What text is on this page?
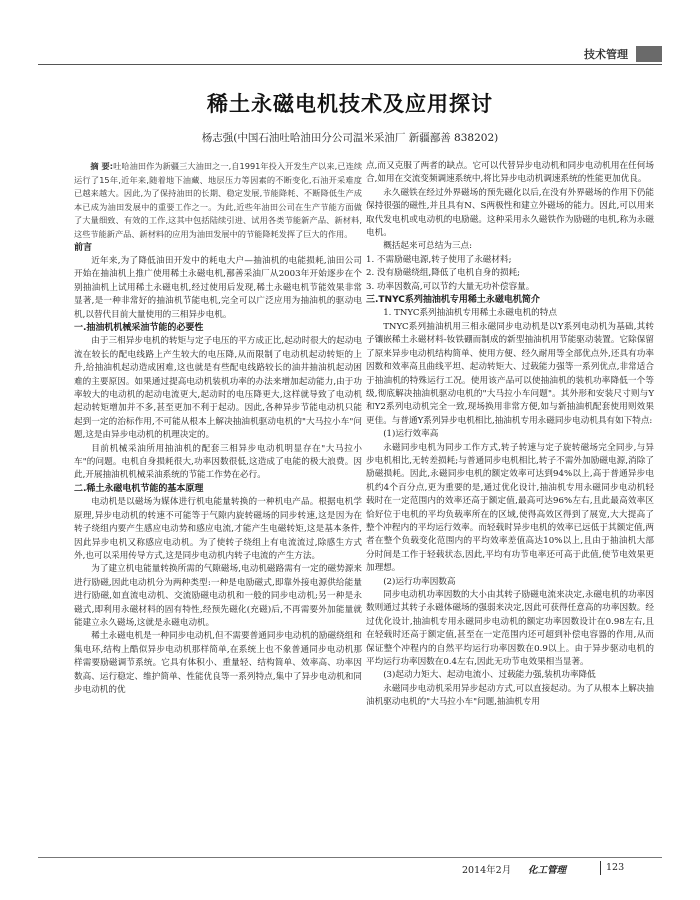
技术管理
稀土永磁电机技术及应用探讨
杨志强(中国石油吐哈油田分公司温米采油厂 新疆鄯善 838202)

摘 要:吐哈油田作为新疆三大油田之一,自1991年投入开发生产以来,已连续运行了15年,近年来,随着地下油藏、地层压力等因素的不断变化,石油开采难度已越来越大。因此,为了保持油田的长期、稳定发展,节能降耗、不断降低生产成本已成为油田发展中的重要工作之一。为此,近些年油田公司在生产节能方面做了大量细致、有效的工作,这其中包括陆续引进、试用各类节能新产品、新材料,这些节能新产品、新材料的应用为油田发展中的节能降耗发挥了巨大的作用。

前言

近年来,为了降低油田开发中的耗电大户—抽油机的电能损耗,油田公司开始在抽油机上推广使用稀土永磁电机,鄯善采油厂从2003年开始逐步在个别抽油机上试用稀土永磁电机,经过使用后发现,稀土永磁电机节能效果非常显著,是一种非常好的抽油机节能电机,完全可以广泛应用为抽油机的驱动电机,以替代目前大量使用的三相异步电机。

一.抽油机机械采油节能的必要性

由于三相异步电机的转矩与定子电压的平方成正比,起动时很大的起动电流在较长的配电线路上产生较大的电压降,从而限制了电动机起动转矩的上升,给抽油机起动造成困难,这也就是有些配电线路较长的油井抽油机起动困难的主要原因。如果通过提高电动机装机功率的办法来增加起动能力,由于功率较大的电动机的起动电流更大,起动时的电压降更大,这样就导致了电动机起动转矩增加并不多,甚至更加不利于起动。因此,各种异步节能电动机只能起到一定的治标作用,不可能从根本上解决抽油机驱动电机的"大马拉小车"问题,这是由异步电动机的机理决定的。

目前机械采油所用抽油机的配套三相异步电动机明显存在"大马拉小车"的问题。电机自身损耗很大,功率因数很低,这造成了电能的极大浪费。因此,开展抽油机机械采油系统的节能工作势在必行。

二.稀土永磁电机节能的基本原理

电动机是以磁场为媒体进行机电能量转换的一种机电产品。根据电机学原理,异步电动机的转速不可能等于气隙内旋转磁场的同步转速,这是因为在转子绕组内要产生感应电动势和感应电流,才能产生电磁转矩,这是基本条件,因此异步电机又称感应电动机。为了使转子绕组上有电流流过,除感生方式外,也可以采用传导方式,这是同步电动机内转子电流的产生方法。

为了建立机电能量转换所需的气隙磁场,电动机磁路需有一定的磁势源来进行励磁,因此电动机分为两种类型:一种是电励磁式,即靠外接电源供给能量进行励磁,如直流电动机、交流励磁电动机和一般的同步电动机;另一种是永磁式,即利用永磁材料的固有特性,经预先磁化(充磁)后,不再需要外加能量就能建立永久磁场,这就是永磁电动机。

稀土永磁电机是一种同步电动机,但不需要普通同步电动机的励磁绕组和集电环,结构上酷似异步电动机那样简单,在系统上也不象普通同步电动机那样需要励磁调节系统。它具有体积小、重量轻、结构简单、效率高、功率因数高、运行稳定、维护简单、性能优良等一系列特点,集中了异步电动机和同步电动机的优

点,而又克服了两者的缺点。它可以代替异步电动机和同步电动机用在任何场合,如用在交流变频调速系统中,将比异步电动机调速系统的性能更加优良。

永久磁铁在经过外界磁场的预先磁化以后,在没有外界磁场的作用下仍能保持很强的磁性,并且具有N、S两极性和建立外磁场的能力。因此,可以用来取代发电机或电动机的电励磁。这种采用永久磁铁作为励磁的电机,称为永磁电机。

概括起来可总结为三点:

1. 不需励磁电源,转子使用了永磁材料;

2. 没有励磁绕组,降低了电机自身的损耗;

3. 功率因数高,可以节约大量无功补偿容量。

三.TNYC系列抽油机专用稀土永磁电机简介

1. TNYC系列抽油机专用稀土永磁电机的特点

TNYC系列抽油机用三相永磁同步电动机是以Y系列电动机为基础,其转子镶嵌稀土永磁材料-钕铁硼而制成的新型抽油机用节能驱动装置。它除保留了原来异步电动机结构简单、使用方便、经久耐用等全部优点外,还具有功率因数和效率高且曲线平坦、起动转矩大、过载能力强等一系列优点,非常适合于抽油机的特殊运行工况。使用该产品可以使抽油机的装机功率降低一个等级,彻底解决抽油机驱动电机的"大马拉小车问题"。其外形和安装尺寸则与Y和Y2系列电动机完全一致,现场换用非常方便,如与新抽油机配套使用则效果更佳。与普通Y系列异步电机相比,抽油机专用永磁同步电动机具有如下特点:

(1)运行效率高

永磁同步电机为同步工作方式,转子转速与定子旋转磁场完全同步,与异步电机相比,无转差损耗;与普通同步电机相比,转子不需外加励磁电源,消除了励磁损耗。因此,永磁同步电机的额定效率可达到94%以上,高于普通异步电机约4个百分点,更为重要的是,通过优化设计,抽油机专用永磁同步电动机轻载时在一定范围内的效率还高于额定值,最高可达96%左右,且此最高效率区恰好位于电机的平均负载率所在的区域,使得高效区得到了展宽,大大提高了整个冲程内的平均运行效率。而轻载时异步电机的效率已远低于其额定值,两者在整个负载变化范围内的平均效率差值高达10%以上,且由于抽油机大部分时间是工作于轻载状态,因此,平均有功节电率还可高于此值,使节电效果更加理想。

(2)运行功率因数高

同步电动机功率因数的大小由其转子励磁电流来决定,永磁电机的功率因数则通过其转子永磁体磁场的强弱来决定,因此可获得任意高的功率因数。经过优化设计,抽油机专用永磁同步电动机的额定功率因数设计在0.98左右,且在轻载时还高于额定值,甚至在一定范围内还可超到补偿电容器的作用,从而保证整个冲程内的自然平均运行功率因数在0.9以上。由于异步驱动电机的平均运行功率因数在0.4左右,因此无功节电效果相当显著。

(3)起动力矩大、起动电流小、过载能力强,装机功率降低

永磁同步电动机采用异步起动方式,可以直接起动。为了从根本上解决抽油机驱动电机的"大马拉小车"问题,抽油机专用

2014年2月 化工管理	123
